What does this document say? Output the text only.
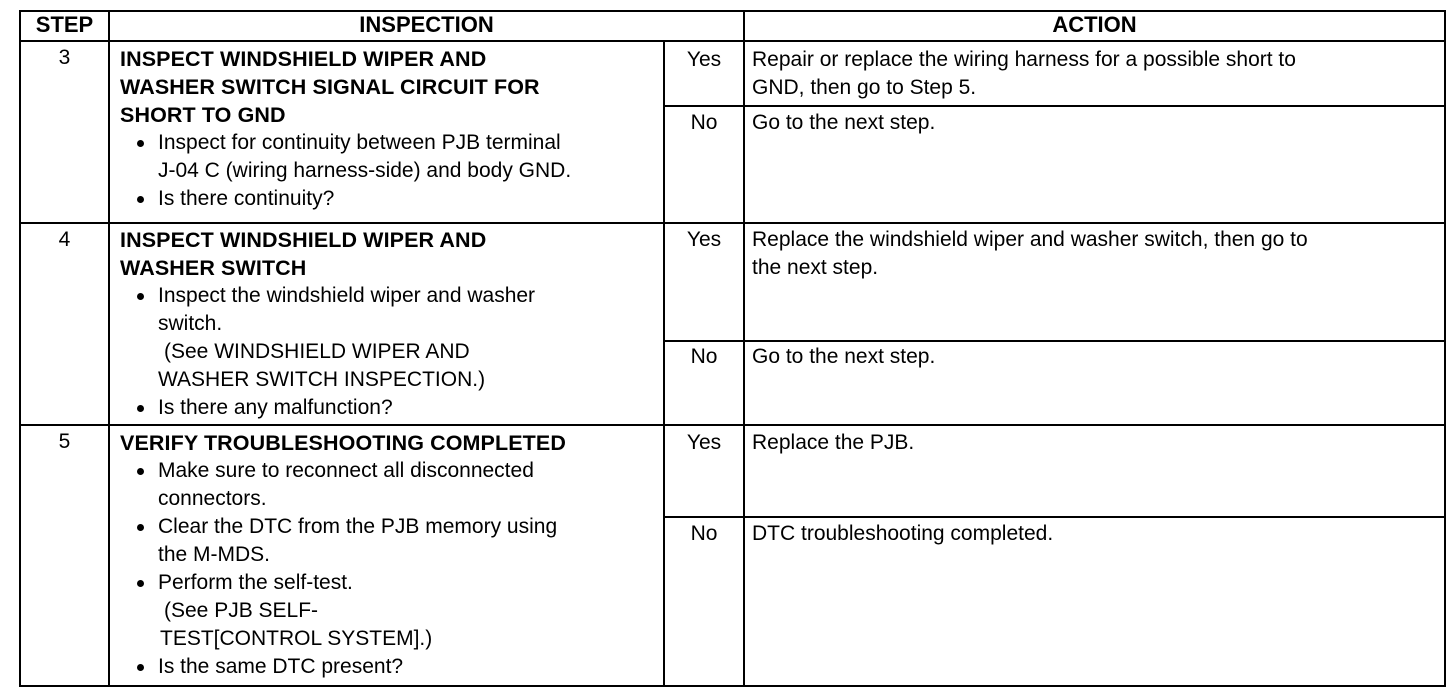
STEP	INSPECTION	ACTION
3	INSPECT WINDSHIELD WIPER AND
WASHER SWITCH SIGNAL CIRCUIT FOR
SHORT TO GND
Inspect for continuity between PJB terminal
J-04 C (wiring harness-side) and body GND.
Is there continuity?
Yes	Repair or replace the wiring harness for a possible short to
GND, then go to Step 5.
No	Go to the next step.
4	INSPECT WINDSHIELD WIPER AND
WASHER SWITCH
Inspect the windshield wiper and washer
switch.
(See WINDSHIELD WIPER AND
WASHER SWITCH INSPECTION.)
Is there any malfunction?
Yes	Replace the windshield wiper and washer switch, then go to
the next step.
No	Go to the next step.
5	VERIFY TROUBLESHOOTING COMPLETED
Make sure to reconnect all disconnected
connectors.
Clear the DTC from the PJB memory using
the M-MDS.
Perform the self-test.
(See PJB SELF-
TEST[CONTROL SYSTEM].)
Is the same DTC present?
Yes	Replace the PJB.
No	DTC troubleshooting completed.
